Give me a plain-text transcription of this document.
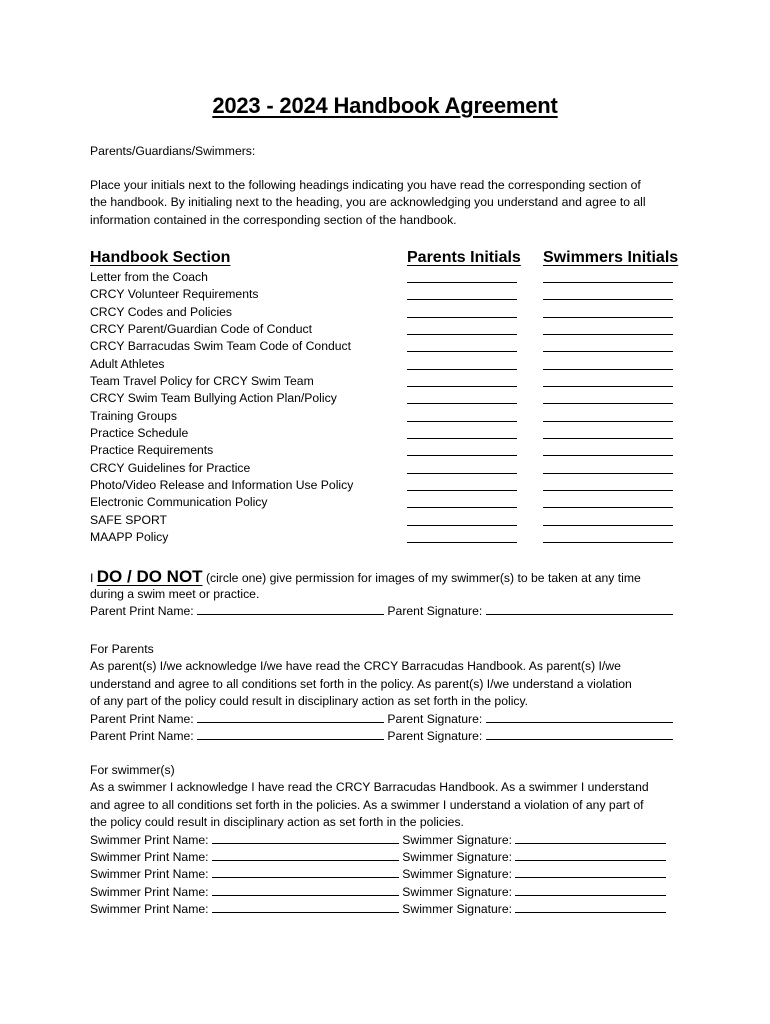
2023 - 2024 Handbook Agreement
Parents/Guardians/Swimmers:
Place your initials next to the following headings indicating you have read the corresponding section of
the handbook. By initialing next to the heading, you are acknowledging you understand and agree to all
information contained in the corresponding section of the handbook.
Handbook Section	Parents Initials Swimmers Initials
Letter from the Coach
CRCY Volunteer Requirements
CRCY Codes and Policies
CRCY Parent/Guardian Code of Conduct
CRCY Barracudas Swim Team Code of Conduct
Adult Athletes
Team Travel Policy for CRCY Swim Team
CRCY Swim Team Bullying Action Plan/Policy
Training Groups
Practice Schedule
Practice Requirements
CRCY Guidelines for Practice
Photo/Video Release and Information Use Policy
Electronic Communication Policy
SAFE SPORT
MAAPP Policy
I DO / DO NOT (circle one) give permission for images of my swimmer(s) to be taken at any time
during a swim meet or practice.
Parent Print Name:	Parent Signature:
For Parents
As parent(s) I/we acknowledge I/we have read the CRCY Barracudas Handbook. As parent(s) I/we
understand and agree to all conditions set forth in the policy. As parent(s) I/we understand a violation
of any part of the policy could result in disciplinary action as set forth in the policy.
Parent Print Name:	Parent Signature:
Parent Print Name:	Parent Signature:
For swimmer(s)
As a swimmer I acknowledge I have read the CRCY Barracudas Handbook. As a swimmer I understand
and agree to all conditions set forth in the policies. As a swimmer I understand a violation of any part of
the policy could result in disciplinary action as set forth in the policies.
Swimmer Print Name:	Swimmer Signature:
Swimmer Print Name:	Swimmer Signature:
Swimmer Print Name:	Swimmer Signature:
Swimmer Print Name:	Swimmer Signature:
Swimmer Print Name:	Swimmer Signature:
